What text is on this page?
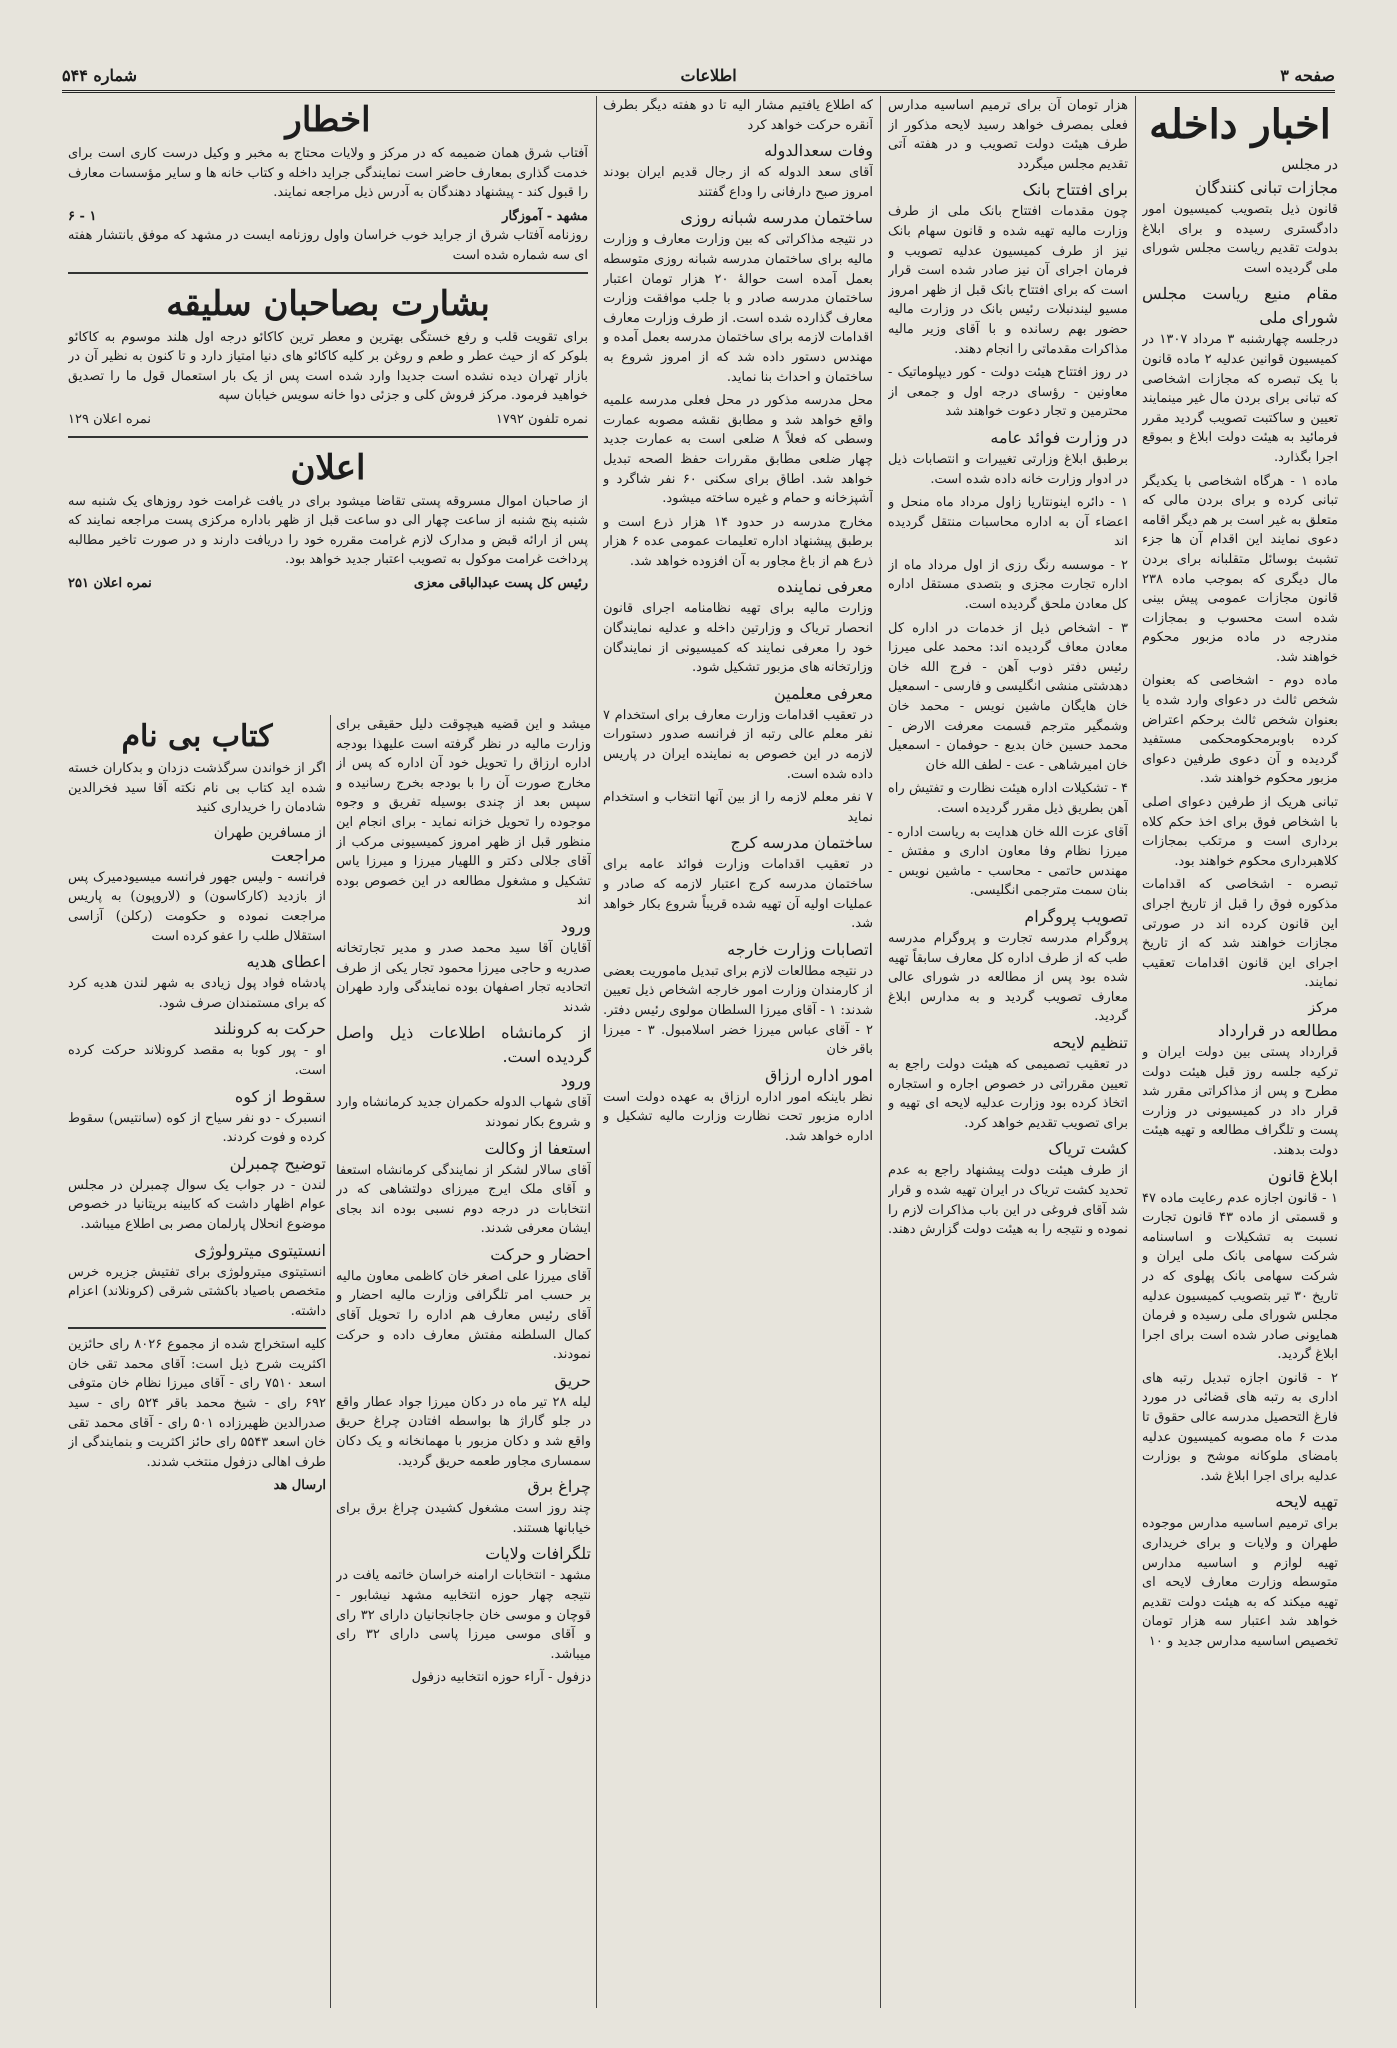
صفحه ۳
اطلاعات
شماره ۵۴۴
اخبار داخله
در مجلس
مجازات تبانی کنندگان

قانون ذیل بتصویب کمیسیون امور دادگستری رسیده و برای ابلاغ بدولت تقدیم ریاست مجلس شورای ملی گردیده است

مقام منیع ریاست مجلس شورای ملی

درجلسه چهارشنبه ۳ مرداد ۱۳۰۷ در کمیسیون قوانین عدلیه ۲ ماده قانون با یک تبصره که مجازات اشخاصی که تبانی برای بردن مال غیر مینمایند تعیین و ساکتبت تصویب گردید مقرر فرمائید به هیئت دولت ابلاغ و بموقع اجرا بگذارد.

ماده ۱ - هرگاه اشخاصی با یکدیگر تبانی کرده و برای بردن مالی که متعلق به غیر است بر هم دیگر اقامه دعوی نمایند این اقدام آن ها جزء تشبث بوسائل متقلبانه برای بردن مال دیگری که بموجب ماده ۲۳۸ قانون مجازات عمومی پیش بینی شده است محسوب و بمجازات مندرجه در ماده مزبور محکوم خواهند شد.

ماده دوم - اشخاصی که بعنوان شخص ثالث در دعوای وارد شده یا بعنوان شخص ثالث برحکم اعتراض کرده باوبرمحکومحکمی مستفید گردیده و آن دعوی طرفین دعوای مزبور محکوم خواهند شد.

تبانی هریک از طرفین دعوای اصلی با اشخاص فوق برای اخذ حکم کلاه برداری است و مرتکب بمجازات کلاهبرداری محکوم خواهند بود.

تبصره - اشخاصی که اقدامات مذکوره فوق را قبل از تاریخ اجرای این قانون کرده اند در صورتی مجازات خواهند شد که از تاریخ اجرای این قانون اقدامات تعقیب نمایند.

مرکز
مطالعه در قرارداد

قرارداد پستی بین دولت ایران و ترکیه جلسه روز قبل هیئت دولت مطرح و پس از مذاکراتی مقرر شد قرار داد در کمیسیونی در وزارت پست و تلگراف مطالعه و تهیه هیئت دولت بدهند.

ابلاغ قانون

۱ - قانون اجازه عدم رعایت ماده ۴۷ و قسمتی از ماده ۴۳ قانون تجارت نسبت به تشکیلات و اساسنامه شرکت سهامی بانک ملی ایران و شرکت سهامی بانک پهلوی که در تاریخ ۳۰ تیر بتصویب کمیسیون عدلیه مجلس شورای ملی رسیده و فرمان همایونی صادر شده است برای اجرا ابلاغ گردید.

۲ - قانون اجازه تبدیل رتبه های اداری به رتبه های قضائی در مورد فارغ التحصیل مدرسه عالی حقوق تا مدت ۶ ماه مصوبه کمیسیون عدلیه بامضای ملوکانه موشح و بوزارت عدلیه برای اجرا ابلاغ شد.

تهیه لایحه

برای ترمیم اساسیه مدارس موجوده طهران و ولایات و برای خریداری تهیه لوازم و اساسیه مدارس متوسطه وزارت معارف لایحه ای تهیه میکند که به هیئت دولت تقدیم خواهد شد اعتبار سه هزار تومان تخصیص اساسیه مدارس جدید و ۱۰

هزار تومان آن برای ترمیم اساسیه مدارس فعلی بمصرف خواهد رسید لایحه مذکور از طرف هیئت دولت تصویب و در هفته آتی تقدیم مجلس میگردد

برای افتتاح بانک

چون مقدمات افتتاح بانک ملی از طرف وزارت مالیه تهیه شده و قانون سهام بانک نیز از طرف کمیسیون عدلیه تصویب و فرمان اجرای آن نیز صادر شده است قرار است که برای افتتاح بانک قبل از ظهر امروز مسیو لیندنبلات رئیس بانک در وزارت مالیه حضور بهم رسانده و با آقای وزیر مالیه مذاکرات مقدماتی را انجام دهند.

در روز افتتاح هیئت دولت - کور دیپلوماتیک - معاونین - رؤسای درجه اول و جمعی از محترمین و تجار دعوت خواهند شد

در وزارت فوائد عامه

برطبق ابلاغ وزارتی تغییرات و انتصابات ذیل در ادوار وزارت خانه داده شده است.

۱ - دائره اینونتاریا زاول مرداد ماه منحل و اعضاء آن به اداره محاسبات منتقل گردیده اند

۲ - موسسه رنگ رزی از اول مرداد ماه از اداره تجارت مجزی و بتصدی مستقل اداره کل معادن ملحق گردیده است.

۳ - اشخاص ذیل از خدمات در اداره کل معادن معاف گردیده اند: محمد علی میرزا رئیس دفتر ذوب آهن - فرج الله خان دهدشتی منشی انگلیسی و فارسی - اسمعیل خان هایگان ماشین نویس - محمد خان وشمگیر مترجم قسمت معرفت الارض - محمد حسین خان بدیع - حوفمان - اسمعیل خان امیرشاهی - عت - لطف الله خان

۴ - تشکیلات اداره هیئت نظارت و تفتیش راه آهن بطریق ذیل مقرر گردیده است.

آقای عزت الله خان هدایت به ریاست اداره - میرزا نظام وفا معاون اداری و مفتش - مهندس حاتمی - محاسب - ماشین نویس - بنان سمت مترجمی انگلیسی.

تصویب پروگرام

پروگرام مدرسه تجارت و پروگرام مدرسه طب که از طرف اداره کل معارف سابقاً تهیه شده بود پس از مطالعه در شورای عالی معارف تصویب گردید و به مدارس ابلاغ گردید.

تنظیم لایحه

در تعقیب تصمیمی که هیئت دولت راجع به تعیین مقرراتی در خصوص اجاره و استجاره اتخاذ کرده بود وزارت عدلیه لایحه ای تهیه و برای تصویب تقدیم خواهد کرد.

کشت تریاک

از طرف هیئت دولت پیشنهاد راجع به عدم تحدید کشت تریاک در ایران تهیه شده و قرار شد آقای فروغی در این باب مذاکرات لازم را نموده و نتیجه را به هیئت دولت گزارش دهند.

که اطلاع یافتیم مشار الیه تا دو هفته دیگر بطرف آنقره حرکت خواهد کرد

وفات سعدالدوله

آقای سعد الدوله که از رجال قدیم ایران بودند امروز صبح دارفانی را وداع گفتند

ساختمان مدرسه شبانه روزی

در نتیجه مذاکراتی که بین وزارت معارف و وزارت مالیه برای ساختمان مدرسه شبانه روزی متوسطه بعمل آمده است حوالهٔ ۲۰ هزار تومان اعتبار ساختمان مدرسه صادر و با جلب موافقت وزارت معارف گذارده شده است. از طرف وزارت معارف اقدامات لازمه برای ساختمان مدرسه بعمل آمده و مهندس دستور داده شد که از امروز شروع به ساختمان و احداث بنا نماید.

محل مدرسه مذکور در محل فعلی مدرسه علمیه واقع خواهد شد و مطابق نقشه مصوبه عمارت وسطی که فعلاً ۸ ضلعی است به عمارت جدید چهار ضلعی مطابق مقررات حفظ الصحه تبدیل خواهد شد. اطاق برای سکنی ۶۰ نفر شاگرد و آشپزخانه و حمام و غیره ساخته میشود.

مخارج مدرسه در حدود ۱۴ هزار ذرع است و برطبق پیشنهاد اداره تعلیمات عمومی عده ۶ هزار ذرع هم از باغ مجاور به آن افزوده خواهد شد.

معرفی نماینده

وزارت مالیه برای تهیه نظامنامه اجرای قانون انحصار تریاک و وزارتین داخله و عدلیه نمایندگان خود را معرفی نمایند که کمیسیونی از نمایندگان وزارتخانه های مزبور تشکیل شود.

معرفی معلمین

در تعقیب اقدامات وزارت معارف برای استخدام ۷ نفر معلم عالی رتبه از فرانسه صدور دستورات لازمه در این خصوص به نماینده ایران در پاریس داده شده است.

۷ نفر معلم لازمه را از بین آنها انتخاب و استخدام نماید

ساختمان مدرسه کرج

در تعقیب اقدامات وزارت فوائد عامه برای ساختمان مدرسه کرج اعتبار لازمه که صادر و عملیات اولیه آن تهیه شده قریباً شروع بکار خواهد شد.

اتصابات وزارت خارجه

در نتیجه مطالعات لازم برای تبدیل ماموریت بعضی از کارمندان وزارت امور خارجه اشخاص ذیل تعیین شدند: ۱ - آقای میرزا السلطان مولوی رئیس دفتر. ۲ - آقای عباس میرزا خضر اسلامبول. ۳ - میرزا باقر خان

امور اداره ارزاق

نظر باینکه امور اداره ارزاق به عهده دولت است اداره مزبور تحت نظارت وزارت مالیه تشکیل و اداره خواهد شد.

اخطار

آفتاب شرق همان ضمیمه که در مرکز و ولایات محتاج به مخبر و وکیل درست کاری است برای خدمت گذاری بمعارف حاضر است نمایندگی جراید داخله و کتاب خانه ها و سایر مؤسسات معارف را قبول کند - پیشنهاد دهندگان به آدرس ذیل مراجعه نمایند.

مشهد - آموزگار
۱ - ۶

روزنامه آفتاب شرق از جراید خوب خراسان واول روزنامه ایست در مشهد که موفق بانتشار هفته ای سه شماره شده است

بشارت بصاحبان سلیقه

برای تقویت قلب و رفع خستگی بهترین و معطر ترین کاکائو درجه اول هلند موسوم به کاکائو بلوکر که از حیث عطر و طعم و روغن بر کلیه کاکائو های دنیا امتیاز دارد و تا کنون به نظیر آن در بازار تهران دیده نشده است جدیدا وارد شده است پس از یک بار استعمال قول ما را تصدیق خواهید فرمود. مرکز فروش کلی و جزئی دوا خانه سویس خیابان سپه

نمره تلفون ۱۷۹۲
نمره اعلان ۱۲۹
اعلان

از صاحبان اموال مسروقه پستی تقاضا میشود برای در یافت غرامت خود روزهای یک شنبه سه شنبه پنج شنبه از ساعت چهار الی دو ساعت قبل از ظهر باداره مرکزی پست مراجعه نمایند که پس از ارائه قبض و مدارک لازم غرامت مقرره خود را دریافت دارند و در صورت تاخیر مطالبه پرداخت غرامت موکول به تصویب اعتبار جدید خواهد بود.

رئیس کل پست عبدالباقی معزی
نمره اعلان ۲۵۱
کتاب بی نام

اگر از خواندن سرگذشت دزدان و بدکاران خسته شده اید کتاب بی نام نکته آقا سید فخرالدین شادمان را خریداری کنید

از مسافرین طهران
مراجعت

فرانسه - ولیس جهور فرانسه میسیودمیرک پس از بازدید (کارکاسون) و (لاروپون) به پاریس مراجعت نموده و حکومت (رکلن) آزاسی استقلال طلب را عفو کرده است

اعطای هدیه

پادشاه فواد پول زیادی به شهر لندن هدیه کرد که برای مستمندان صرف شود.

حرکت به کرونلند

او - پور کوبا به مقصد کرونلاند حرکت کرده است.

سقوط از کوه

انسبرک - دو نفر سیاح از کوه (سانتیس) سقوط کرده و فوت کردند.

توضیح چمبرلن

لندن - در جواب یک سوال چمبرلن در مجلس عوام اظهار داشت که کابینه بریتانیا در خصوص موضوع انحلال پارلمان مصر بی اطلاع میباشد.

انستیتوی میترولوژی

انستیتوی میترولوژی برای تفتیش جزیره خرس متخصص باصیاد باکشتی شرقی (کرونلاند) اعزام داشته.

کلیه استخراج شده از مجموع ۸۰۲۶ رای حائزین اکثریت شرح ذیل است: آقای محمد تقی خان اسعد ۷۵۱۰ رای - آقای میرزا نظام خان متوفی ۶۹۲ رای - شیخ محمد باقر ۵۲۴ رای - سید صدرالدین ظهیرزاده ۵۰۱ رای - آقای محمد تقی خان اسعد ۵۵۴۳ رای حائز اکثریت و بنمایندگی از طرف اهالی دزفول منتخب شدند.

ارسال هد

میشد و این قضیه هیچوقت دلیل حقیقی برای وزارت مالیه در نظر گرفته است علیهذا بودجه اداره ارزاق را تحویل خود آن اداره که پس از مخارج صورت آن را با بودجه بخرج رسانیده و سپس بعد از چندی بوسیله تفریق و وجوه موجوده را تحویل خزانه نماید - برای انجام این منظور قبل از ظهر امروز کمیسیونی مرکب از آقای جلالی دکتر و اللهیار میرزا و میرزا یاس تشکیل و مشغول مطالعه در این خصوص بوده اند

ورود

آقایان آقا سید محمد صدر و مدیر تجارتخانه صدریه و حاجی میرزا محمود تجار یکی از طرف اتحادیه تجار اصفهان بوده نمایندگی وارد طهران شدند

از کرمانشاه اطلاعات ذیل واصل گردیده است.
ورود

آقای شهاب الدوله حکمران جدید کرمانشاه وارد و شروع بکار نمودند

استعفا از وکالت

آقای سالار لشکر از نمایندگی کرمانشاه استعفا و آقای ملک ایرج میرزای دولتشاهی که در انتخابات در درجه دوم نسبی بوده اند بجای ایشان معرفی شدند.

احضار و حرکت

آقای میرزا علی اصغر خان کاظمی معاون مالیه بر حسب امر تلگرافی وزارت مالیه احضار و آقای رئیس معارف هم اداره را تحویل آقای کمال السلطنه مفتش معارف داده و حرکت نمودند.

حریق

لیله ۲۸ تیر ماه در دکان میرزا جواد عطار واقع در جلو گاراژ ها بواسطه افتادن چراغ حریق واقع شد و دکان مزبور با مهمانخانه و یک دکان سمساری مجاور طعمه حریق گردید.

چراغ برق

چند روز است مشغول کشیدن چراغ برق برای خیابانها هستند.

تلگرافات ولایات

مشهد - انتخابات ارامنه خراسان خاتمه یافت در نتیجه چهار حوزه انتخابیه مشهد نیشابور - قوچان و موسی خان جاجانجانیان دارای ۳۲ رای و آقای موسی میرزا پاسی دارای ۳۲ رای میباشد.

دزفول - آراء حوزه انتخابیه دزفول
